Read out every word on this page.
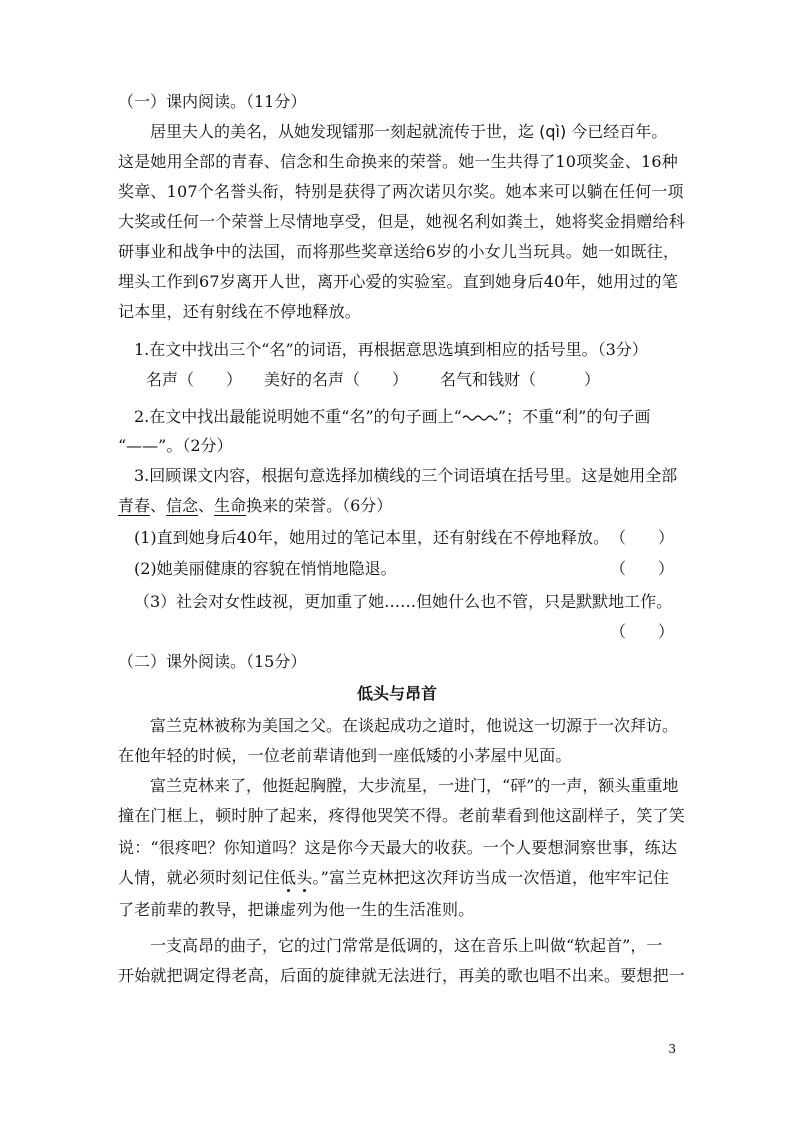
（一）课内阅读。（11分）
居里夫人的美名，从她发现镭那一刻起就流传于世，迄 (qì) 今已经百年。
这是她用全部的青春、信念和生命换来的荣誉。她一生共得了10项奖金、16种
奖章、107个名誉头衔，特别是获得了两次诺贝尔奖。她本来可以躺在任何一项
大奖或任何一个荣誉上尽情地享受，但是，她视名利如粪土，她将奖金捐赠给科
研事业和战争中的法国，而将那些奖章送给6岁的小女儿当玩具。她一如既往，
埋头工作到67岁离开人世，离开心爱的实验室。直到她身后40年，她用过的笔
记本里，还有射线在不停地释放。
1.在文中找出三个“名”的词语，再根据意思选填到相应的括号里。（3分）
名声（　　） 美好的名声（　　） 名气和钱财（　　　）
2.在文中找出最能说明她不重“名”的句子画上“ ”；不重“利”的句子画
“——”。（2分）
3.回顾课文内容，根据句意选择加横线的三个词语填在括号里。这是她用全部
青春、信念、生命换来的荣誉。（6分）
(1)直到她身后40年，她用过的笔记本里，还有射线在不停地释放。 （　　）
(2)她美丽健康的容貌在悄悄地隐退。	（　　）
（3）社会对女性歧视，更加重了她……但她什么也不管，只是默默地工作。
（　　）
（二）课外阅读。（15分）
低头与昂首
富兰克林被称为美国之父。在谈起成功之道时，他说这一切源于一次拜访。
在他年轻的时候，一位老前辈请他到一座低矮的小茅屋中见面。
富兰克林来了，他挺起胸膛，大步流星，一进门，“砰”的一声，额头重重地
撞在门框上，顿时肿了起来，疼得他哭笑不得。老前辈看到他这副样子，笑了笑
说：“很疼吧？你知道吗？这是你今天最大的收获。一个人要想洞察世事，练达
人情，就必须时刻记住低头。”富兰克林把这次拜访当成一次悟道，他牢牢记住
了老前辈的教导，把谦虚列为他一生的生活准则。
一支高昂的曲子，它的过门常常是低调的，这在音乐上叫做“软起首”，一
开始就把调定得老高，后面的旋律就无法进行，再美的歌也唱不出来。要想把一
3
